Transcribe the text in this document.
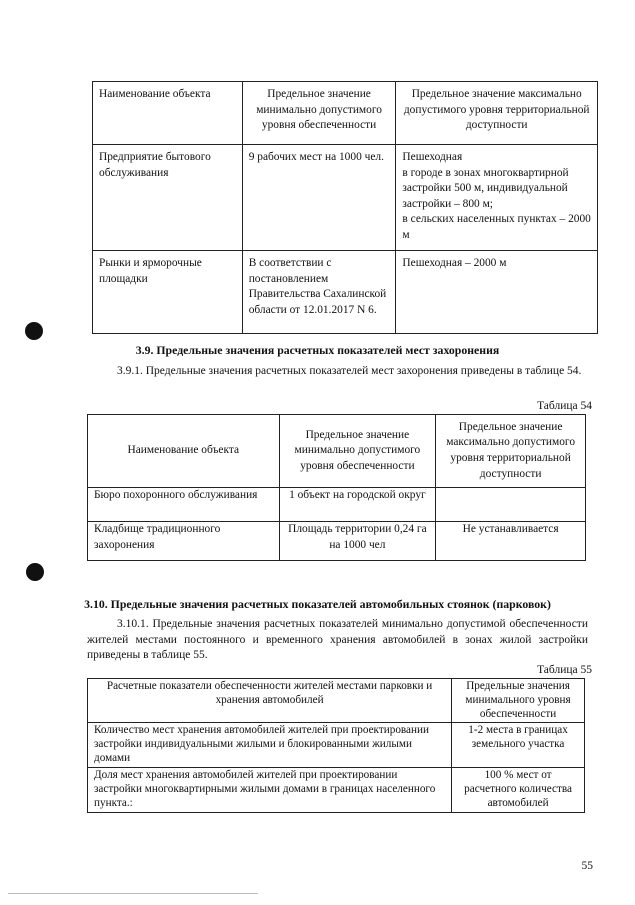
Наименование объекта	Предельное значение минимально допустимого уровня обеспеченности	Предельное значение максимально допустимого уровня территориальной доступности
Предприятие бытового обслуживания	9 рабочих мест на 1000 чел.	Пешеходная
в городе в зонах многоквартирной застройки 500 м, индивидуальной застройки – 800 м;
в сельских населенных пунктах – 2000 м

Рынки и ярморочные площадки	В соответствии с постановлением Правительства Сахалинской области от 12.01.2017 N 6.	Пешеходная – 2000 м
3.9. Предельные значения расчетных показателей мест захоронения
3.9.1. Предельные значения расчетных показателей мест захоронения приведены в таблице 54.
Таблица 54
Наименование объекта	Предельное значение минимально допустимого уровня обеспеченности	Предельное значение максимально допустимого уровня территориальной доступности
Бюро похоронного обслуживания	1 объект на городской округ	
Кладбище традиционного захоронения	Площадь территории 0,24 га на 1000 чел	Не устанавливается
3.10. Предельные значения расчетных показателей автомобильных стоянок (парковок)
3.10.1. Предельные значения расчетных показателей минимально допустимой обеспеченности жителей местами постоянного и временного хранения автомобилей в зонах жилой застройки приведены в таблице 55.
Таблица 55
Расчетные показатели обеспеченности жителей местами парковки и хранения автомобилей	Предельные значения минимального уровня обеспеченности
Количество мест хранения автомобилей жителей при проектировании застройки индивидуальными жилыми и блокированными жилыми домами	1-2 места в границах земельного участка
Доля мест хранения автомобилей жителей при проектировании застройки многоквартирными жилыми домами в границах населенного пункта.:	100 % мест от расчетного количества автомобилей
55
